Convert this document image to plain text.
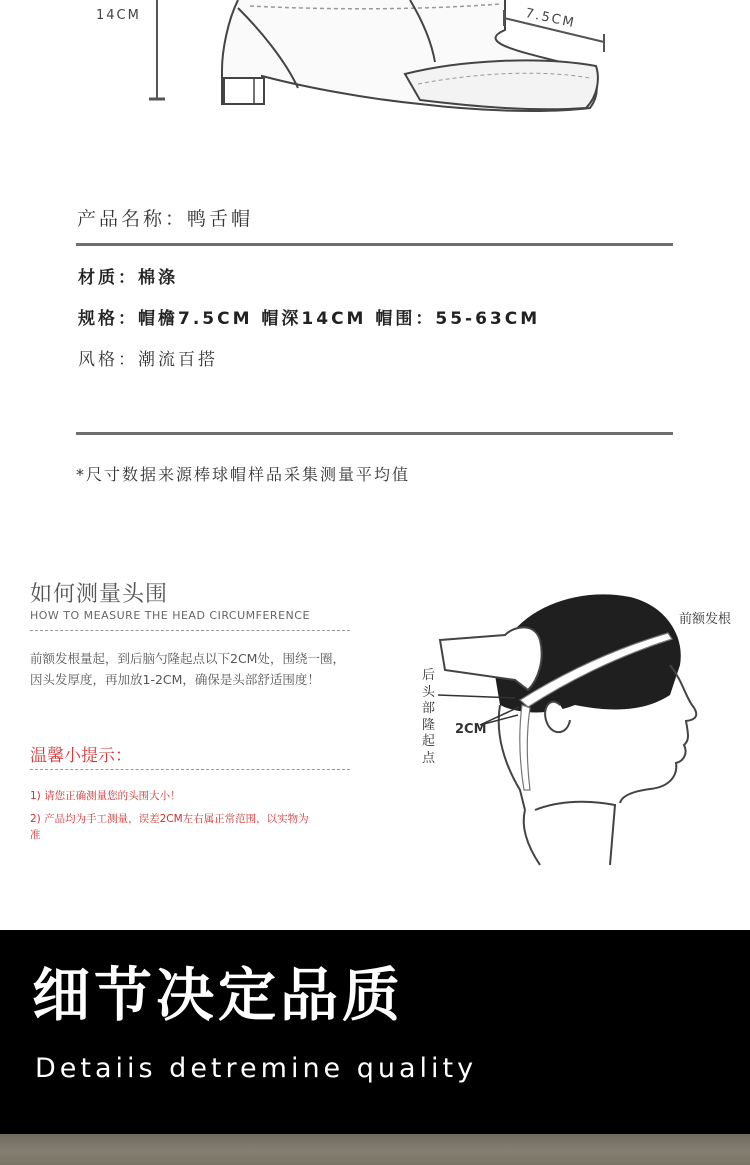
14CM	7.5CM
产品名称：鸭舌帽
材质：棉涤
规格：帽檐7.5CM 帽深14CM 帽围：55-63CM
风格：潮流百搭
*尺寸数据来源棒球帽样品采集测量平均值
如何测量头围
HOW TO MEASURE THE HEAD CIRCUMFERENCE
前额发根量起，到后脑勺隆起点以下2CM处，围绕一圈，因头发厚度，再加放1-2CM，确保是头部舒适围度！
温馨小提示：
1) 请您正确测量您的头围大小！
2) 产品均为手工测量，误差2CM左右属正常范围，以实物为准
前额发根
后头部隆起点
2CM
细节决定品质
Detaiis detremine quality
